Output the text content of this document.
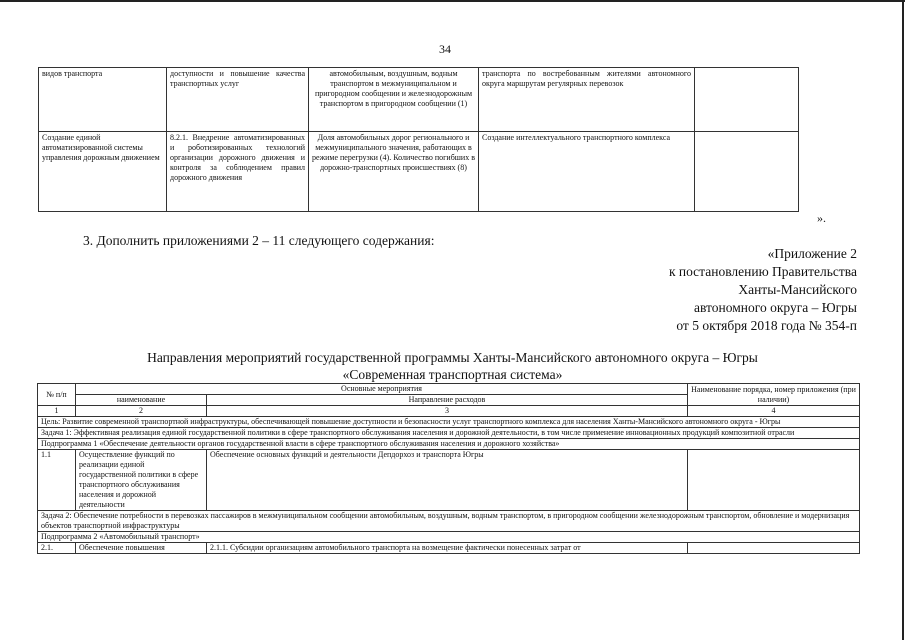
34
видов транспорта	доступности и повышение качества транспортных услуг	автомобильным, воздушным, водным транспортом в межмуниципальном и пригородном сообщении и железнодорожным транспортом в пригородном сообщении (1)	транспорта по востребованным жителями автономного округа маршрутам регулярных перевозок	
Создание единой автоматизированной системы управления дорожным движением	8.2.1. Внедрение автоматизированных и роботизированных технологий организации дорожного движения и контроля за соблюдением правил дорожного движения	Доля автомобильных дорог регионального и межмуниципального значения, работающих в режиме перегрузки (4). Количество погибших в дорожно-транспортных происшествиях (8)	Создание интеллектуального транспортного комплекса	
».
3. Дополнить приложениями 2 – 11 следующего содержания:
«Приложение 2
к постановлению Правительства
Ханты-Мансийского
автономного округа – Югры
от 5 октября 2018 года № 354-п
Направления мероприятий государственной программы Ханты-Мансийского автономного округа – Югры
«Современная транспортная система»
№ п/п	Основные мероприятия		Наименование порядка, номер приложения (при наличии)
	наименование	Направление расходов	
1	2	3	4
Цель: Развитие современной транспортной инфраструктуры, обеспечивающей повышение доступности и безопасности услуг транспортного комплекса для населения Ханты-Мансийского автономного округа - Югры			
Задача 1: Эффективная реализация единой государственной политики в сфере транспортного обслуживания населения и дорожной деятельности, в том числе применение инновационных продукций композитной отрасли			
Подпрограмма 1 «Обеспечение деятельности органов государственной власти в сфере транспортного обслуживания населения и дорожного хозяйства»			
1.1	Осуществление функций по реализации единой государственной политики в сфере транспортного обслуживания населения и дорожной деятельности	Обеспечение основных функций и деятельности Депдорхоз и транспорта Югры	
Задача 2: Обеспечение потребности в перевозках пассажиров в межмуниципальном сообщении автомобильным, воздушным, водным транспортом, в пригородном сообщении железнодорожным транспортом, обновление и модернизация объектов транспортной инфраструктуры			
Подпрограмма 2 «Автомобильный транспорт»			
2.1.	Обеспечение повышения	2.1.1. Субсидии организациям автомобильного транспорта на возмещение фактически понесенных затрат от	
